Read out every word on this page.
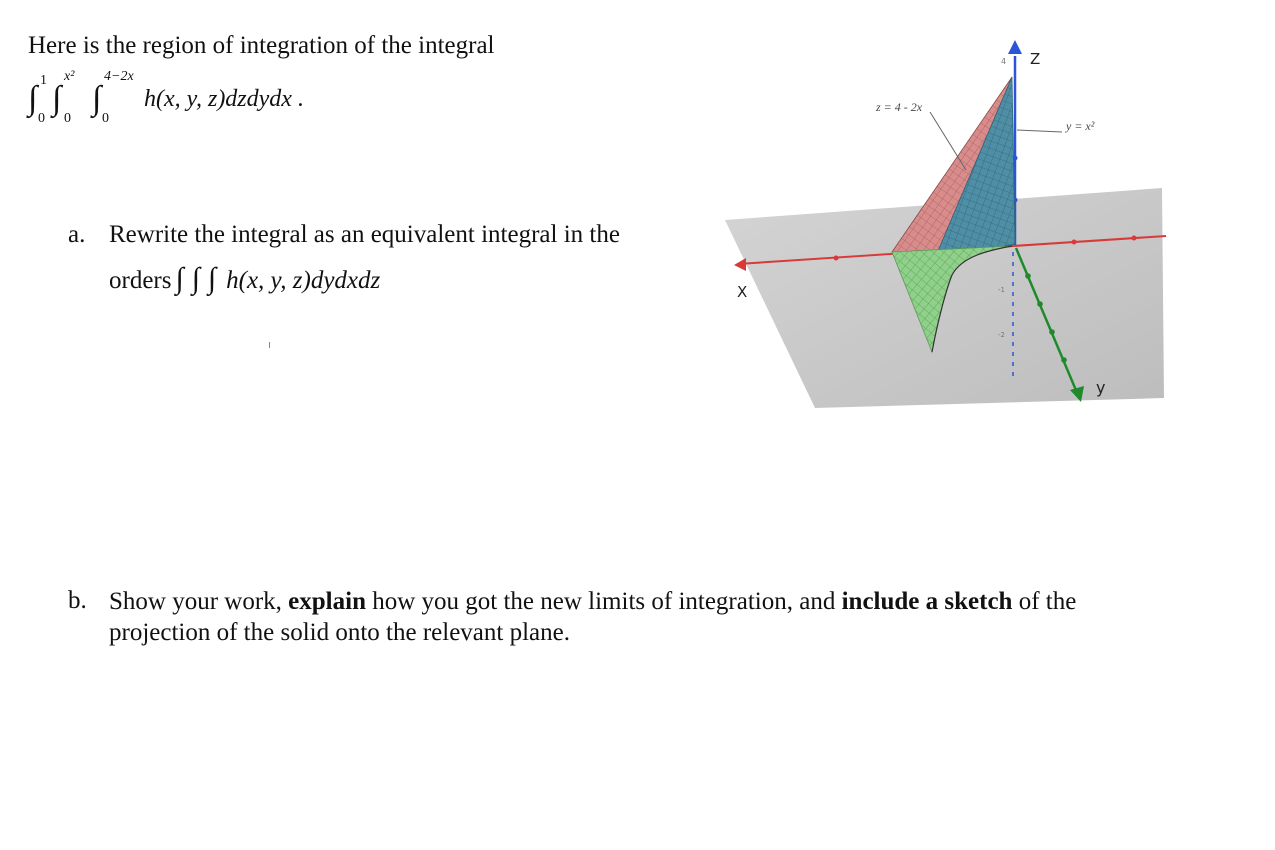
Here is the region of integration of the integral
∫ 1
0
∫
x²
0
∫
4−2x
0
h(x, y, z)dzdydx .
a. Rewrite the integral as an equivalent integral in the
orders ∫ ∫ ∫ h(x, y, z)dydxdz
b. Show your work, explain how you got the new limits of integration, and include a sketch of the projection of the solid onto the relevant plane.
Z
X
y
z = 4 - 2x
y = x²
4
-1
-2
